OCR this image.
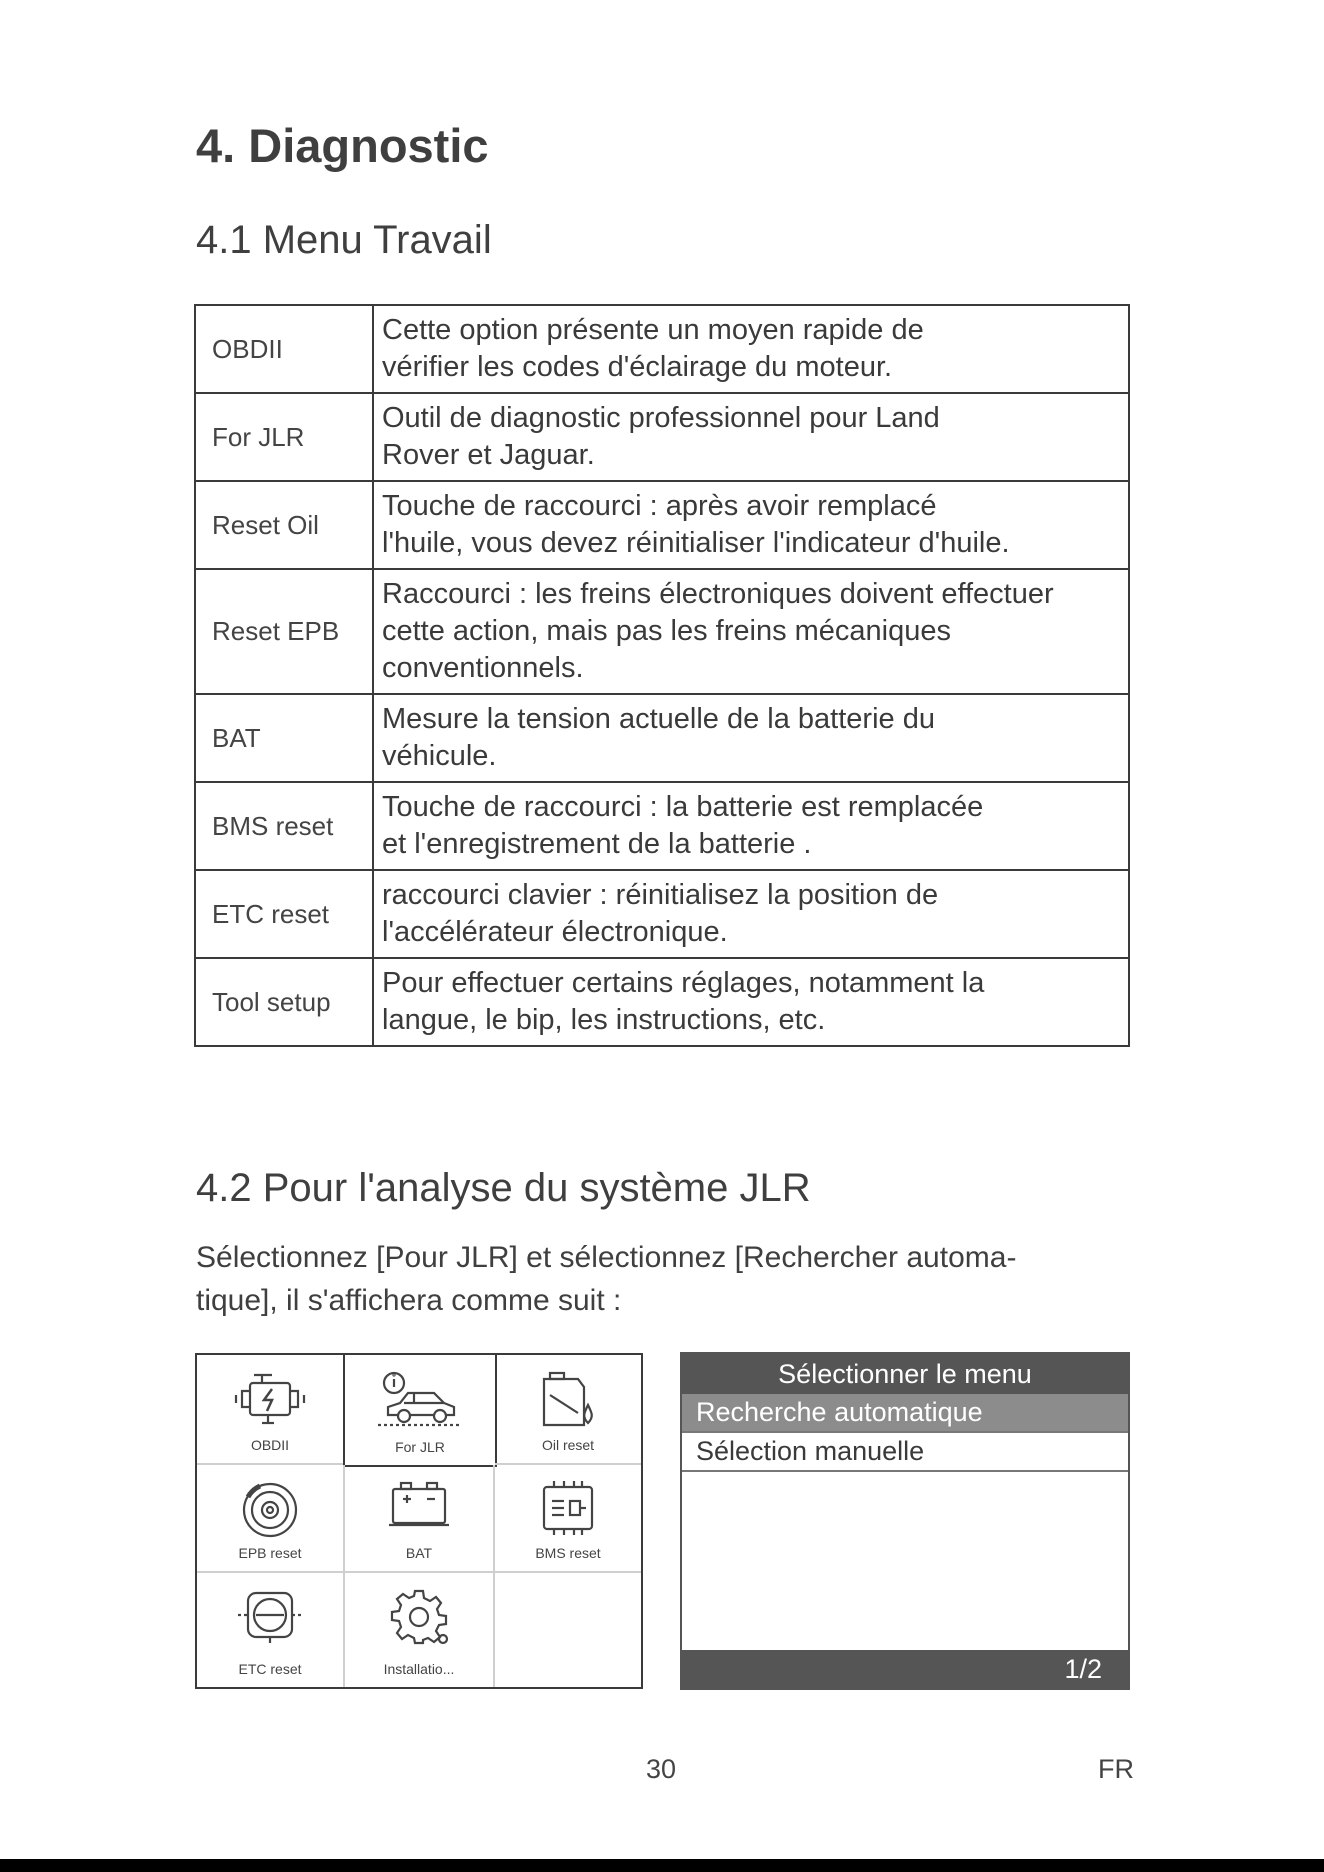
4. Diagnostic
4.1 Menu Travail
OBDII	Cette option présente un moyen rapide de
vérifier les codes d'éclairage du moteur.
For JLR	Outil de diagnostic professionnel pour Land
Rover et Jaguar.
Reset Oil	Touche de raccourci : après avoir remplacé
l'huile, vous devez réinitialiser l'indicateur d'huile.
Reset EPB	Raccourci : les freins électroniques doivent effectuer
cette action, mais pas les freins mécaniques
conventionnels.
BAT	Mesure la tension actuelle de la batterie du
véhicule.
BMS reset	Touche de raccourci : la batterie est remplacée
et l'enregistrement de la batterie .
ETC reset	raccourci clavier : réinitialisez la position de
l'accélérateur électronique.
Tool setup	Pour effectuer certains réglages, notamment la
langue, le bip, les instructions, etc.
4.2 Pour l'analyse du système JLR

Sélectionnez [Pour JLR] et sélectionnez [Rechercher automa-
tique], il s'affichera comme suit :

OBDII	For JLR	Oil reset
EPB reset	BAT	BMS reset
ETC reset	Installatio...
Sélectionner le menu
Recherche automatique
Sélection manuelle
1/2
30	FR
